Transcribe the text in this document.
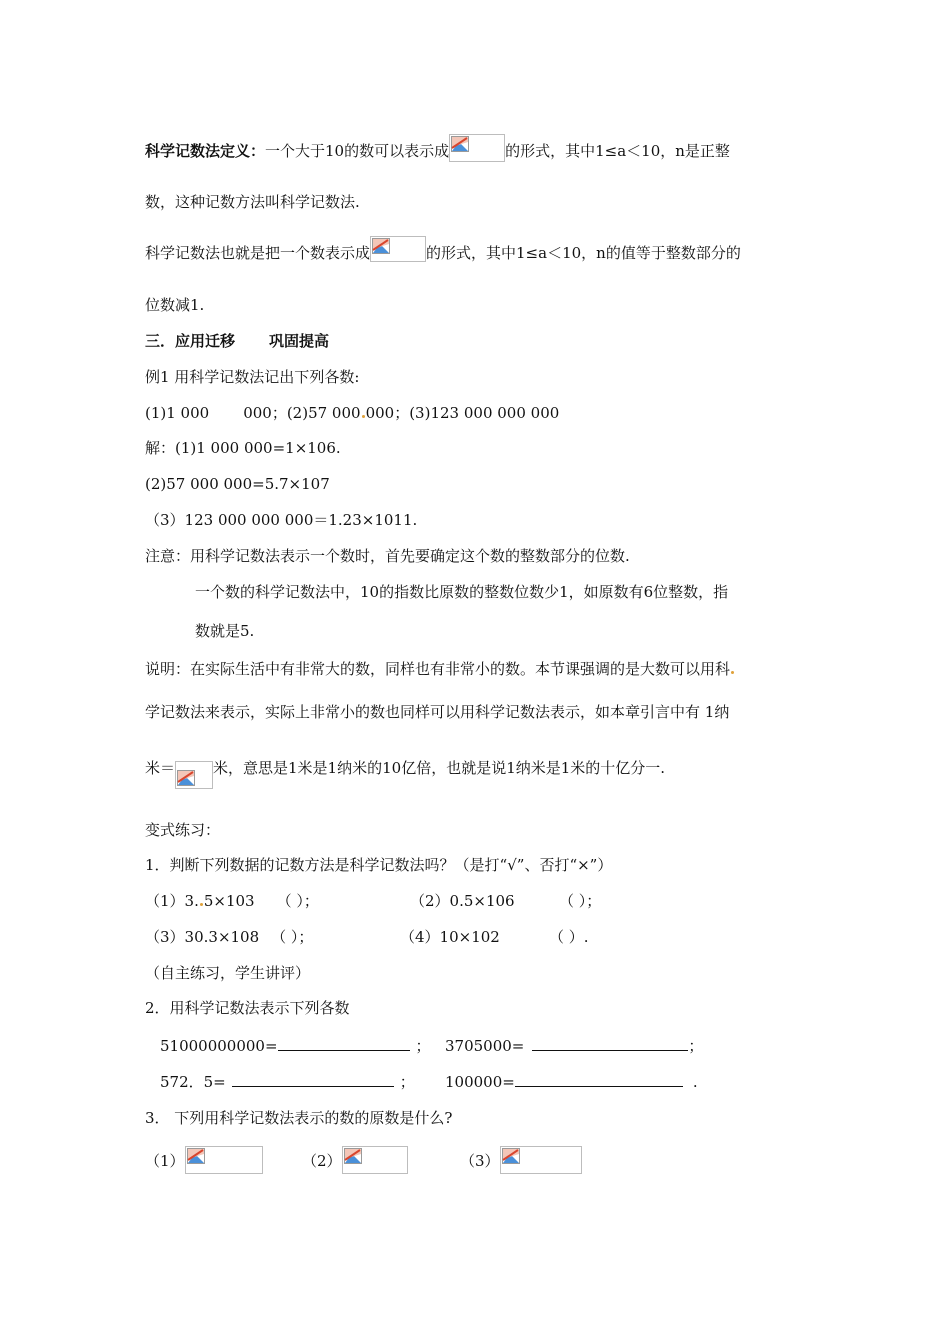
科学记数法定义：一个大于10的数可以表示成	的形式，其中1≤a＜10，n是正整
数，这种记数方法叫科学记数法.
科学记数法也就是把一个数表示成	的形式，其中1≤a＜10，n的值等于整数部分的
位数减1.
三．应用迁移 巩固提高
例1 用科学记数法记出下列各数:
(1)1 000 000；(2)57 000 000；(3)123 000 000 000
解：(1)1 000 000=1×106.
(2)57 000 000=5.7×107
（3）123 000 000 000＝1.23×1011.
注意：用科学记数法表示一个数时，首先要确定这个数的整数部分的位数.
一个数的科学记数法中，10的指数比原数的整数位数少1，如原数有6位整数，指
数就是5.
说明：在实际生活中有非常大的数，同样也有非常小的数。本节课强调的是大数可以用科
学记数法来表示，实际上非常小的数也同样可以用科学记数法表示，如本章引言中有 1纳
米＝	米，意思是1米是1纳米的10亿倍，也就是说1纳米是1米的十亿分一.
变式练习：
1．判断下列数据的记数方法是科学记数法吗？（是打“√”、否打“×”）
（1）3. 5×103 （ ）；	（2）0.5×106	（ ）；
（3）30.3×108 （ ）；	（4）10×102	（ ）.
（自主练习，学生讲评）
2．用科学记数法表示下列各数
51000000000=	； 3705000=	；
572．5=	； 100000=	.
3． 下列用科学记数法表示的数的原数是什么?
（1）	（2）	（3）
